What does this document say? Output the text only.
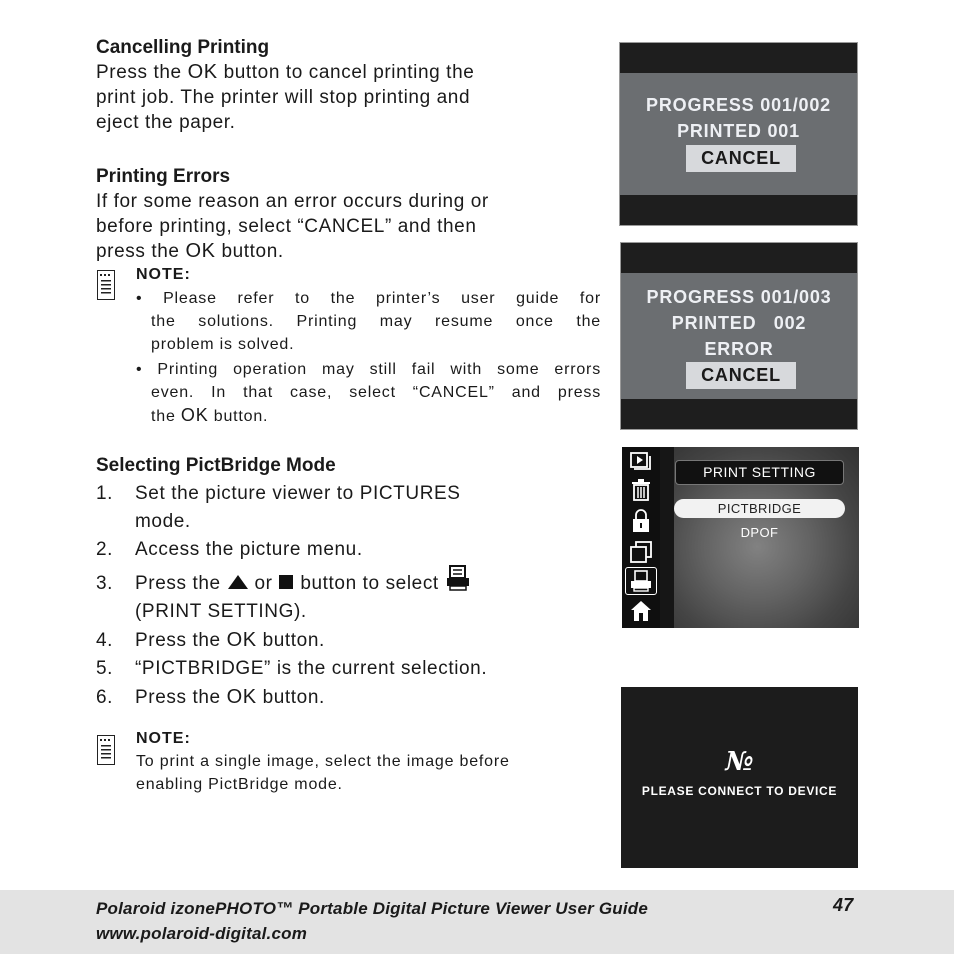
Cancelling Printing
Press the OK button to cancel printing the
print job. The printer will stop printing and
eject the paper.
Printing Errors
If for some reason an error occurs during or
before printing, select “CANCEL” and then
press the OK button.
NOTE:
• Please refer to the printer’s user guide for
the solutions. Printing may resume once the
problem is solved.
• Printing operation may still fail with some errors
even. In that case, select “CANCEL” and press
the OK button.
Selecting PictBridge Mode
1. Set the picture viewer to PICTURES
mode.
2. Access the picture menu.
3. Press the or button to select
(PRINT SETTING).
4. Press the OK button.
5. “PICTBRIDGE” is the current selection.
6. Press the OK button.
NOTE:
To print a single image, select the image before
enabling PictBridge mode.
PROGRESS 001/002
PRINTED 001
CANCEL
PROGRESS 001/003
PRINTED   002
ERROR
CANCEL
PRINT SETTING
PICTBRIDGE
DPOF
№
PLEASE CONNECT TO DEVICE
Polaroid izonePHOTO™ Portable Digital Picture Viewer User Guide
www.polaroid-digital.com
47
